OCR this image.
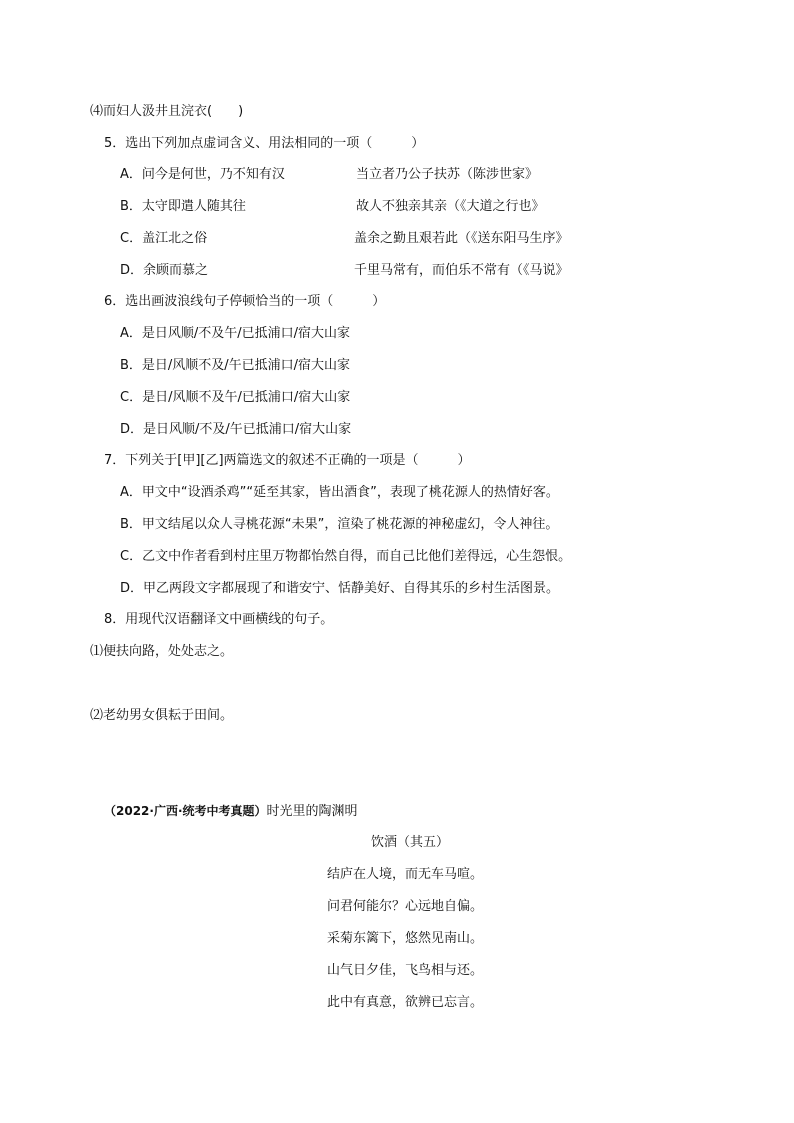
⑷而妇人汲井且浣衣(　　)
5．选出下列加点虚词含义、用法相同的一项（　　　）
A．问今是何世，乃不知有汉	当立者乃公子扶苏（陈涉世家》
B．太守即遣人随其往	故人不独亲其亲（《大道之行也》
C．盖江北之俗	盖余之勤且艰若此（《送东阳马生序》
D．余顾而慕之	千里马常有，而伯乐不常有（《马说》
6．选出画波浪线句子停顿恰当的一项（　　　）
A．是日风顺/不及午/已抵浦口/宿大山家
B．是日/风顺不及/午已抵浦口/宿大山家
C．是日/风顺不及午/已抵浦口/宿大山家
D．是日风顺/不及/午已抵浦口/宿大山家
7．下列关于[甲][乙]两篇选文的叙述不正确的一项是（　　　）
A．甲文中“设酒杀鸡”“延至其家，皆出酒食”，表现了桃花源人的热情好客。
B．甲文结尾以众人寻桃花源“未果”，渲染了桃花源的神秘虚幻，令人神往。
C．乙文中作者看到村庄里万物都怡然自得，而自己比他们差得远，心生怨恨。
D．甲乙两段文字都展现了和谐安宁、恬静美好、自得其乐的乡村生活图景。
8．用现代汉语翻译文中画横线的句子。
⑴便扶向路，处处志之。
⑵老幼男女俱耘于田间。
（2022·广西·统考中考真题）时光里的陶渊明
饮酒（其五）
结庐在人境，而无车马喧。
问君何能尔？心远地自偏。
采菊东篱下，悠然见南山。
山气日夕佳，飞鸟相与还。
此中有真意，欲辨已忘言。
